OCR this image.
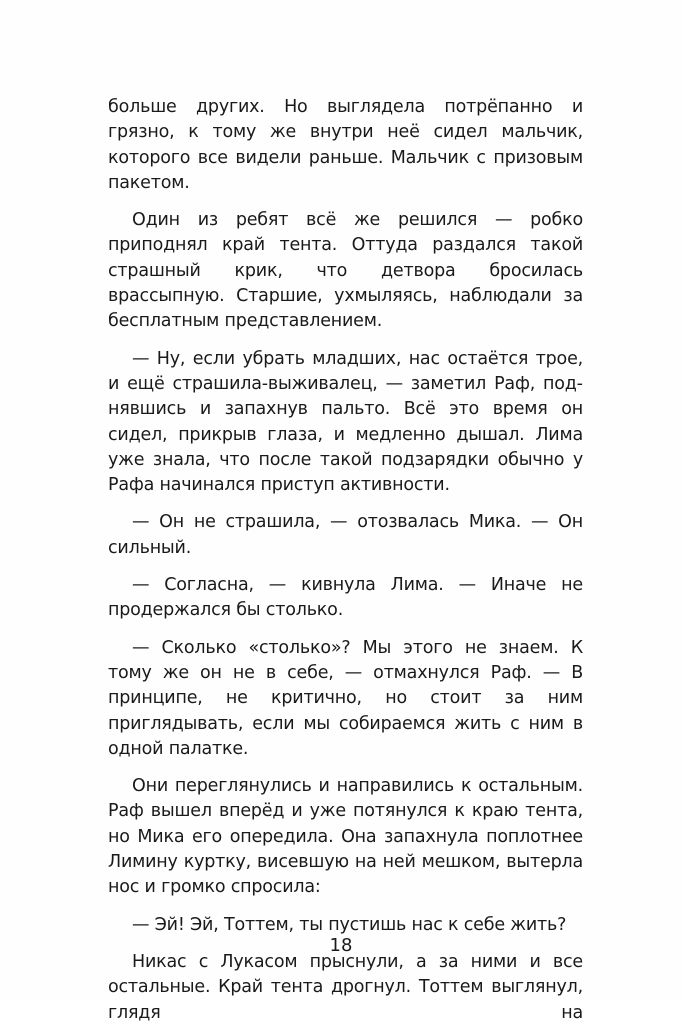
больше других. Но выглядела потрёпанно и грязно, к тому же внутри неё сидел мальчик, которого все видели раньше. Мальчик с призовым пакетом.

Один из ребят всё же решился — робко приподнял край тента. Оттуда раздался такой страшный крик, что детвора бросилась врассыпную. Старшие, ухмыляясь, наблюдали за бесплатным представлением.

— Ну, если убрать младших, нас остаётся трое, и ещё страшила-выживалец, — заметил Раф, поднявшись и запахнув пальто. Всё это время он сидел, прикрыв глаза, и медленно дышал. Лима уже знала, что после такой подзарядки обычно у Рафа начинался приступ активности.

— Он не страшила, — отозвалась Мика. — Он сильный.

— Согласна, — кивнула Лима. — Иначе не продержался бы столько.

— Сколько «столько»? Мы этого не знаем. К тому же он не в себе, — отмахнулся Раф. — В принципе, не критично, но стоит за ним приглядывать, если мы собираемся жить с ним в одной палатке.

Они переглянулись и направились к остальным. Раф вышел вперёд и уже потянулся к краю тента, но Мика его опередила. Она запахнула поплотнее Лимину куртку, висевшую на ней мешком, вытерла нос и громко спросила:

— Эй! Эй, Тоттем, ты пустишь нас к себе жить?

Никас с Лукасом прыснули, а за ними и все остальные. Край тента дрогнул. Тоттем выглянул, глядя на

18
